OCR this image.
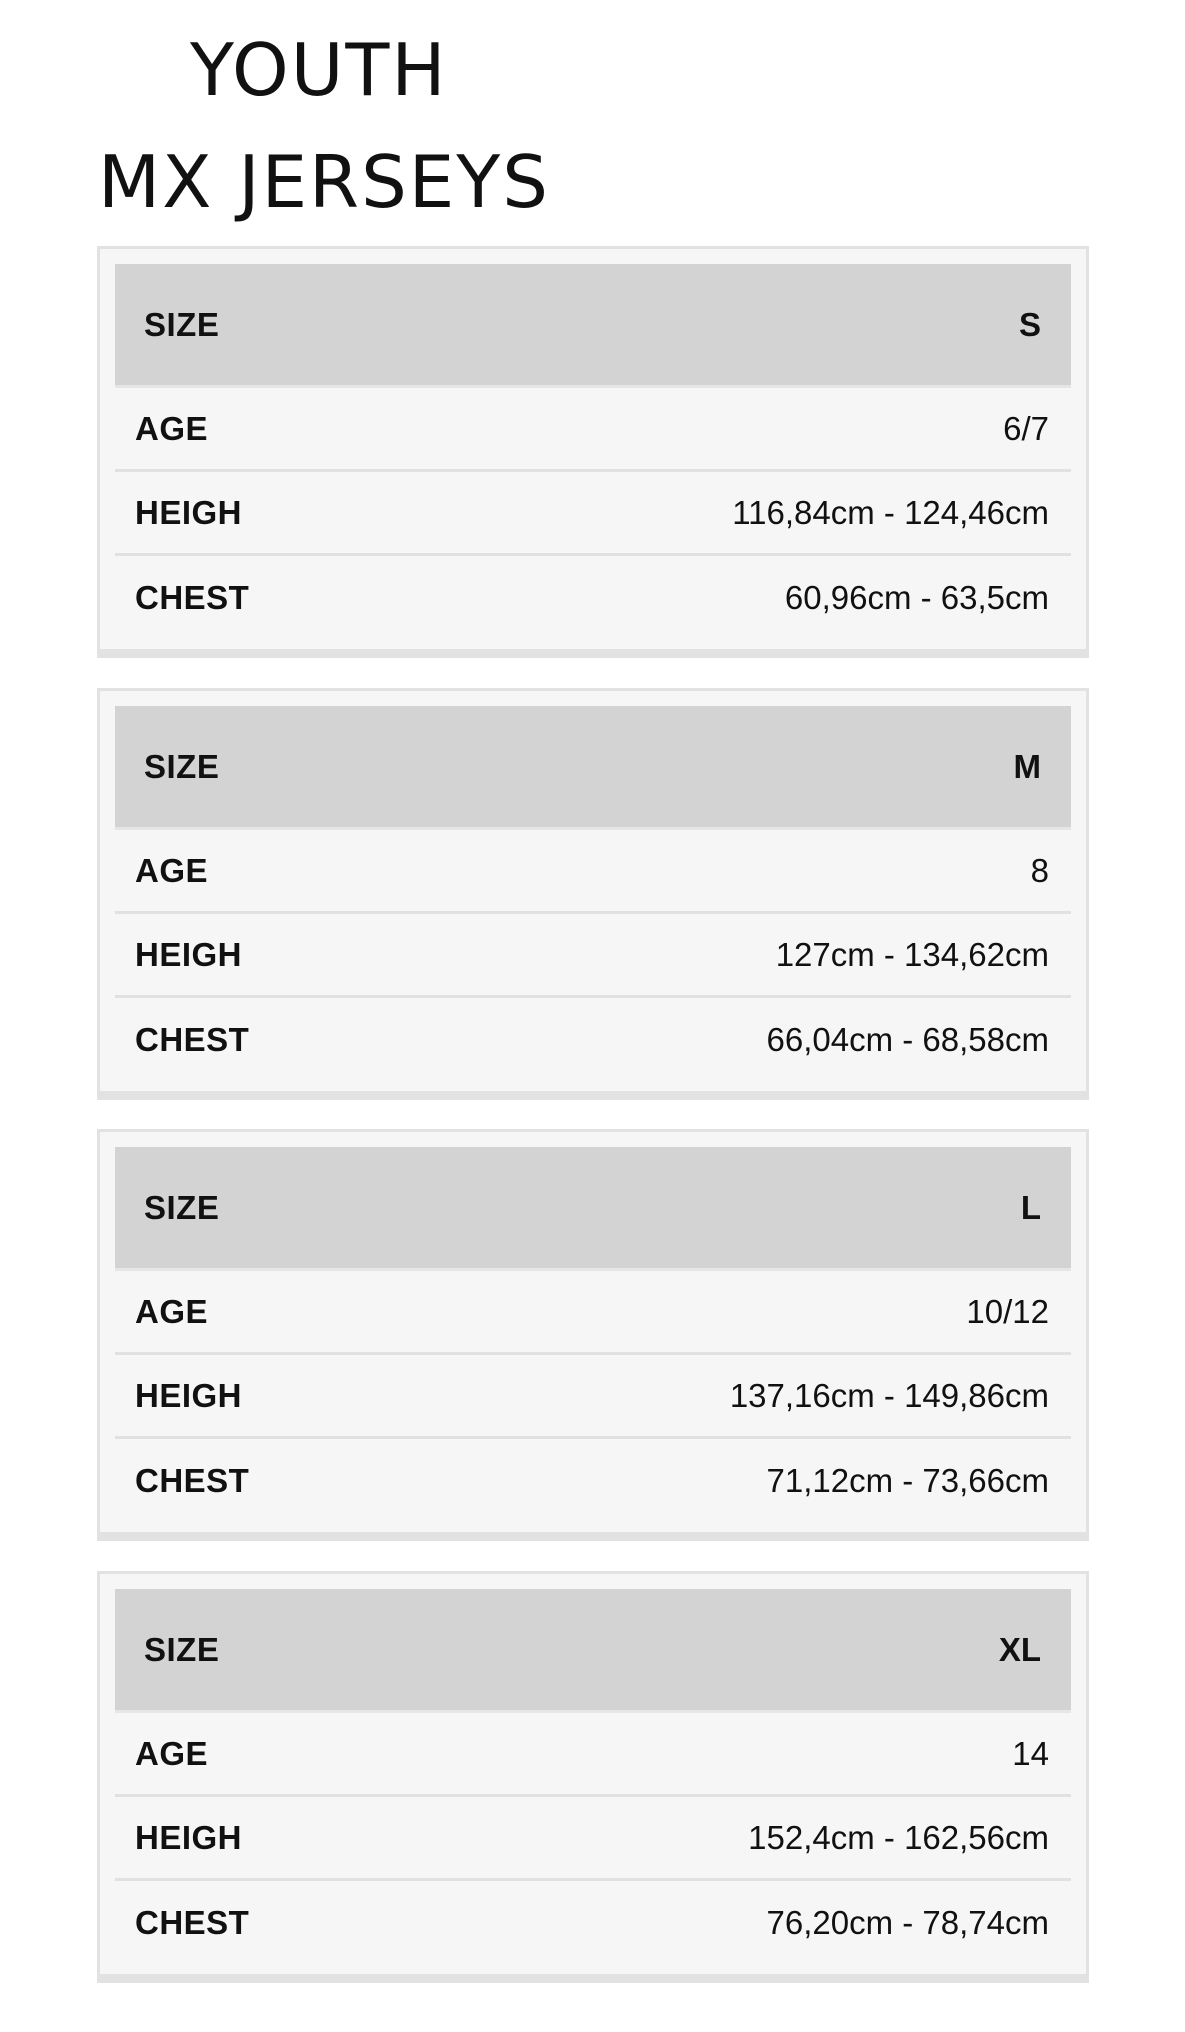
YOUTH
MX JERSEYS
SIZE	S
AGE	6/7
HEIGH	116,84cm - 124,46cm
CHEST	60,96cm - 63,5cm
SIZE	M
AGE	8
HEIGH	127cm - 134,62cm
CHEST	66,04cm - 68,58cm
SIZE	L
AGE	10/12
HEIGH	137,16cm - 149,86cm
CHEST	71,12cm - 73,66cm
SIZE	XL
AGE	14
HEIGH	152,4cm - 162,56cm
CHEST	76,20cm - 78,74cm
